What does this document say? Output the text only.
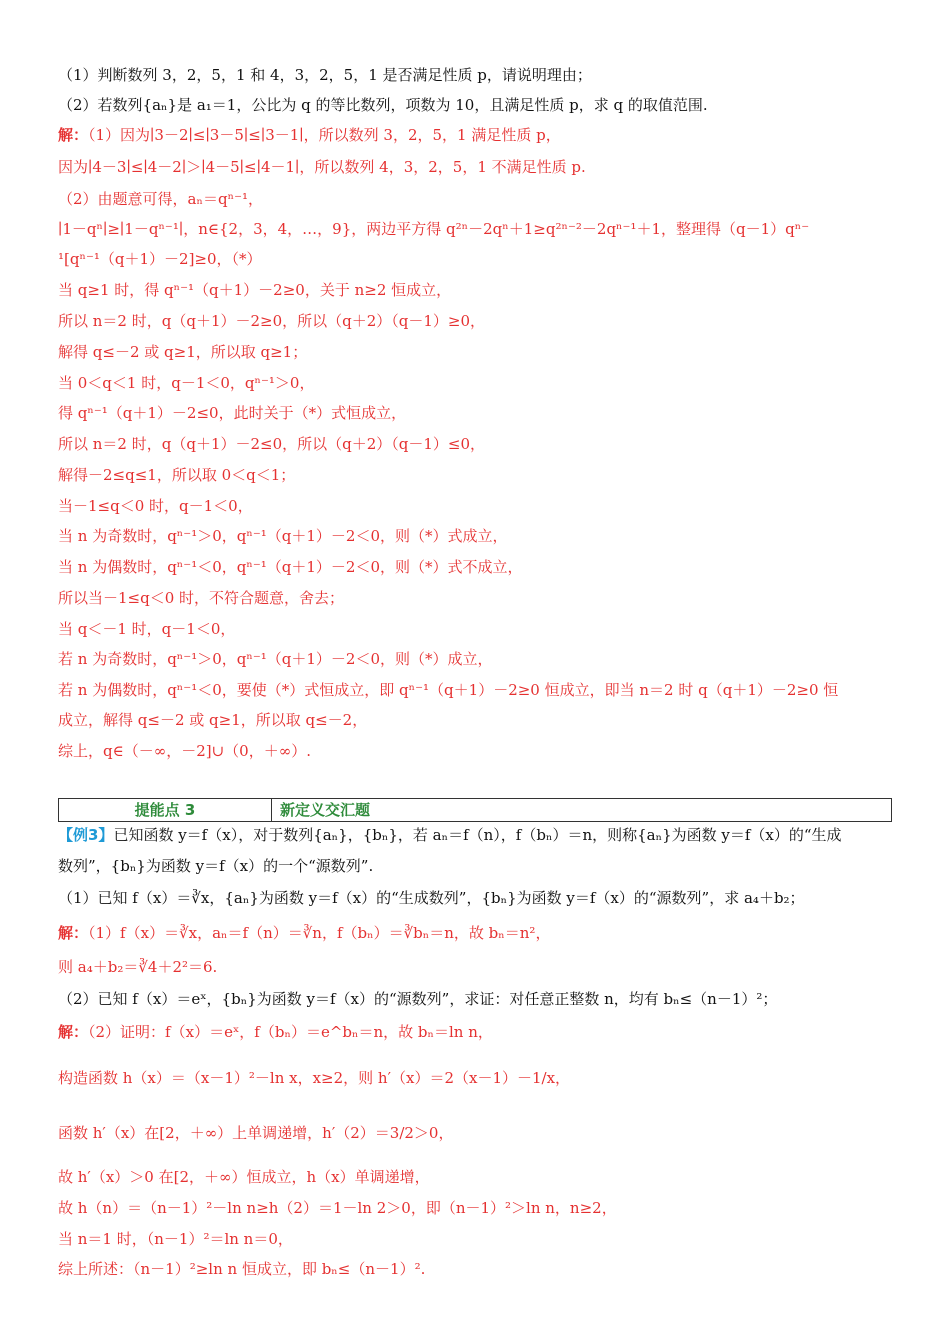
（1）判断数列 3，2，5，1 和 4，3，2，5，1 是否满足性质 p，请说明理由；
（2）若数列{aₙ}是 a₁＝1，公比为 q 的等比数列，项数为 10，且满足性质 p，求 q 的取值范围.
解：（1）因为∣3－2∣≤∣3－5∣≤∣3－1∣，所以数列 3，2，5，1 满足性质 p，
因为∣4－3∣≤∣4－2∣＞∣4－5∣≤∣4－1∣，所以数列 4，3，2，5，1 不满足性质 p.
（2）由题意可得，aₙ＝qⁿ⁻¹，
∣1－qⁿ∣≥∣1－qⁿ⁻¹∣，n∈{2，3，4，…，9}，两边平方得 q²ⁿ－2qⁿ＋1≥q²ⁿ⁻²－2qⁿ⁻¹＋1，整理得（q－1）qⁿ⁻
¹[qⁿ⁻¹（q＋1）－2]≥0，（*）
当 q≥1 时，得 qⁿ⁻¹（q＋1）－2≥0，关于 n≥2 恒成立，
所以 n＝2 时，q（q＋1）－2≥0，所以（q＋2）（q－1）≥0，
解得 q≤－2 或 q≥1，所以取 q≥1；
当 0＜q＜1 时，q－1＜0，qⁿ⁻¹＞0，
得 qⁿ⁻¹（q＋1）－2≤0，此时关于（*）式恒成立，
所以 n＝2 时，q（q＋1）－2≤0，所以（q＋2）（q－1）≤0，
解得－2≤q≤1，所以取 0＜q＜1；
当－1≤q＜0 时，q－1＜0，
当 n 为奇数时，qⁿ⁻¹＞0，qⁿ⁻¹（q＋1）－2＜0，则（*）式成立，
当 n 为偶数时，qⁿ⁻¹＜0，qⁿ⁻¹（q＋1）－2＜0，则（*）式不成立，
所以当－1≤q＜0 时，不符合题意，舍去；
当 q＜－1 时，q－1＜0，
若 n 为奇数时，qⁿ⁻¹＞0，qⁿ⁻¹（q＋1）－2＜0，则（*）成立，
若 n 为偶数时，qⁿ⁻¹＜0，要使（*）式恒成立，即 qⁿ⁻¹（q＋1）－2≥0 恒成立，即当 n＝2 时 q（q＋1）－2≥0 恒
成立，解得 q≤－2 或 q≥1，所以取 q≤－2，
综上，q∈（－∞，－2]∪（0，＋∞）.
提能点 3	新定义交汇题
【例3】已知函数 y＝f（x），对于数列{aₙ}，{bₙ}，若 aₙ＝f（n），f（bₙ）＝n，则称{aₙ}为函数 y＝f（x）的“生成
数列”，{bₙ}为函数 y＝f（x）的一个“源数列”.
（1）已知 f（x）＝∛x，{aₙ}为函数 y＝f（x）的“生成数列”，{bₙ}为函数 y＝f（x）的“源数列”，求 a₄＋b₂；
解：（1）f（x）＝∛x，aₙ＝f（n）＝∛n，f（bₙ）＝∛bₙ＝n，故 bₙ＝n²，
则 a₄＋b₂＝∛4＋2²＝6.
（2）已知 f（x）＝eˣ，{bₙ}为函数 y＝f（x）的“源数列”，求证：对任意正整数 n，均有 bₙ≤（n－1）²；
解：（2）证明：f（x）＝eˣ，f（bₙ）＝e^bₙ＝n，故 bₙ＝ln n，
构造函数 h（x）＝（x－1）²－ln x，x≥2，则 h′（x）＝2（x－1）－1/x，
函数 h′（x）在[2，＋∞）上单调递增，h′（2）＝3/2＞0，
故 h′（x）＞0 在[2，＋∞）恒成立，h（x）单调递增，
故 h（n）＝（n－1）²－ln n≥h（2）＝1－ln 2＞0，即（n－1）²＞ln n，n≥2，
当 n＝1 时，（n－1）²＝ln n＝0，
综上所述：（n－1）²≥ln n 恒成立，即 bₙ≤（n－1）².
